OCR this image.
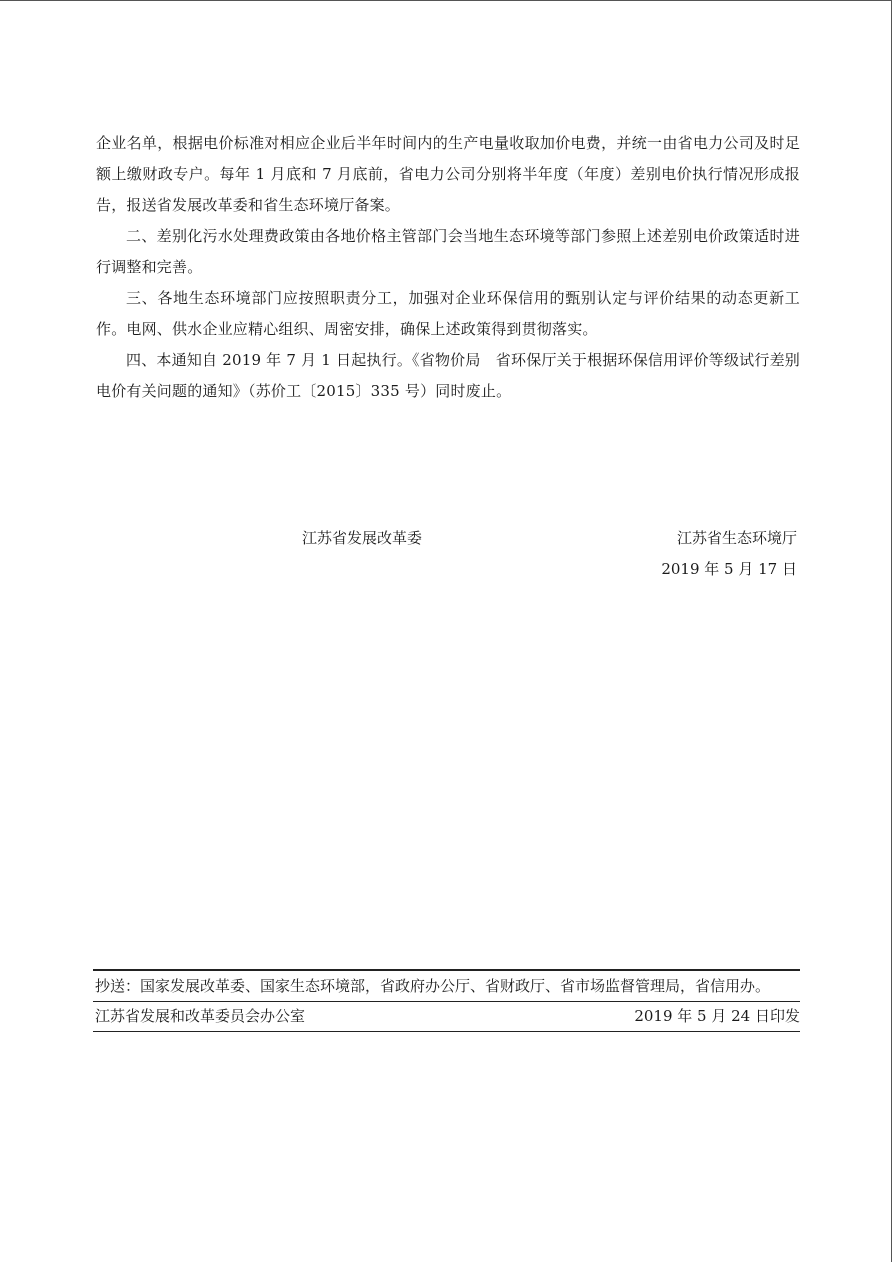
企业名单，根据电价标准对相应企业后半年时间内的生产电量收取加价电费，并统一由省电力公司及时足额上缴财政专户。每年 1 月底和 7 月底前，省电力公司分别将半年度（年度）差别电价执行情况形成报告，报送省发展改革委和省生态环境厅备案。

二、差别化污水处理费政策由各地价格主管部门会当地生态环境等部门参照上述差别电价政策适时进行调整和完善。

三、各地生态环境部门应按照职责分工，加强对企业环保信用的甄别认定与评价结果的动态更新工作。电网、供水企业应精心组织、周密安排，确保上述政策得到贯彻落实。

四、本通知自 2019 年 7 月 1 日起执行。《省物价局　省环保厅关于根据环保信用评价等级试行差别电价有关问题的通知》（苏价工〔2015〕335 号）同时废止。

江苏省发展改革委	江苏省生态环境厅
2019 年 5 月 17 日
抄送：国家发展改革委、国家生态环境部，省政府办公厅、省财政厅、省市场监督管理局，省信用办。
江苏省发展和改革委员会办公室	2019 年 5 月 24 日印发
